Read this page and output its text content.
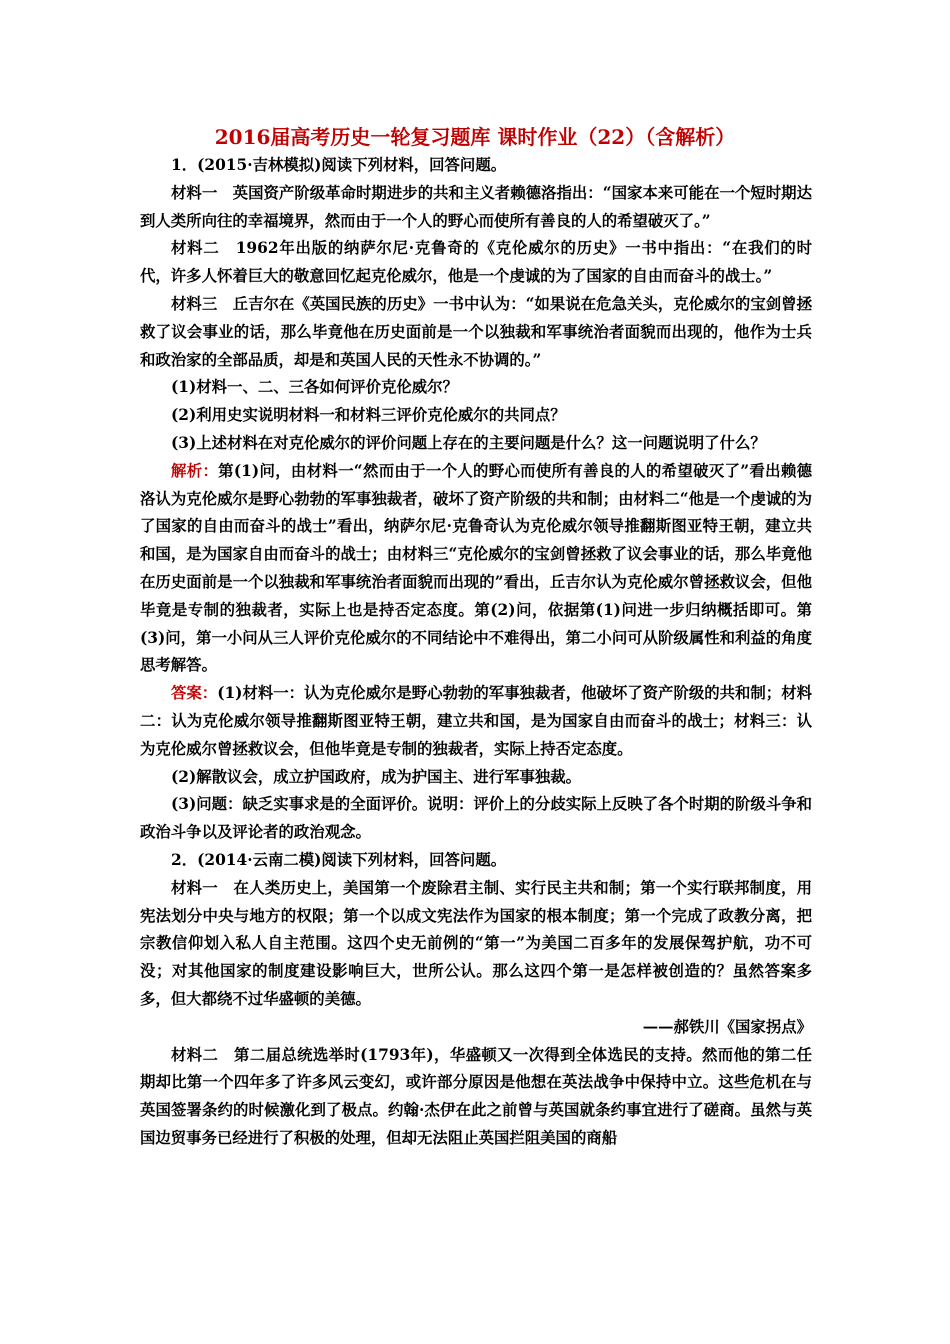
2016届高考历史一轮复习题库 课时作业（22）（含解析）

1．(2015·吉林模拟)阅读下列材料，回答问题。

材料一　英国资产阶级革命时期进步的共和主义者赖德洛指出：“国家本来可能在一个短时期达到人类所向往的幸福境界，然而由于一个人的野心而使所有善良的人的希望破灭了。”

材料二　1962年出版的纳萨尔尼·克鲁奇的《克伦威尔的历史》一书中指出：“在我们的时代，许多人怀着巨大的敬意回忆起克伦威尔，他是一个虔诚的为了国家的自由而奋斗的战士。”

材料三　丘吉尔在《英国民族的历史》一书中认为：“如果说在危急关头，克伦威尔的宝剑曾拯救了议会事业的话，那么毕竟他在历史面前是一个以独裁和军事统治者面貌而出现的，他作为士兵和政治家的全部品质，却是和英国人民的天性永不协调的。”

(1)材料一、二、三各如何评价克伦威尔？

(2)利用史实说明材料一和材料三评价克伦威尔的共同点？

(3)上述材料在对克伦威尔的评价问题上存在的主要问题是什么？这一问题说明了什么？

解析：第(1)问，由材料一“然而由于一个人的野心而使所有善良的人的希望破灭了”看出赖德洛认为克伦威尔是野心勃勃的军事独裁者，破坏了资产阶级的共和制；由材料二“他是一个虔诚的为了国家的自由而奋斗的战士”看出，纳萨尔尼·克鲁奇认为克伦威尔领导推翻斯图亚特王朝，建立共和国，是为国家自由而奋斗的战士；由材料三“克伦威尔的宝剑曾拯救了议会事业的话，那么毕竟他在历史面前是一个以独裁和军事统治者面貌而出现的”看出，丘吉尔认为克伦威尔曾拯救议会，但他毕竟是专制的独裁者，实际上也是持否定态度。第(2)问，依据第(1)问进一步归纳概括即可。第(3)问，第一小问从三人评价克伦威尔的不同结论中不难得出，第二小问可从阶级属性和利益的角度思考解答。

答案：(1)材料一：认为克伦威尔是野心勃勃的军事独裁者，他破坏了资产阶级的共和制；材料二：认为克伦威尔领导推翻斯图亚特王朝，建立共和国，是为国家自由而奋斗的战士；材料三：认为克伦威尔曾拯救议会，但他毕竟是专制的独裁者，实际上持否定态度。

(2)解散议会，成立护国政府，成为护国主、进行军事独裁。

(3)问题：缺乏实事求是的全面评价。说明：评价上的分歧实际上反映了各个时期的阶级斗争和政治斗争以及评论者的政治观念。

2．(2014·云南二模)阅读下列材料，回答问题。

材料一　在人类历史上，美国第一个废除君主制、实行民主共和制；第一个实行联邦制度，用宪法划分中央与地方的权限；第一个以成文宪法作为国家的根本制度；第一个完成了政教分离，把宗教信仰划入私人自主范围。这四个史无前例的“第一”为美国二百多年的发展保驾护航，功不可没；对其他国家的制度建设影响巨大，世所公认。那么这四个第一是怎样被创造的？虽然答案多多，但大都绕不过华盛顿的美德。

——郝铁川《国家拐点》

材料二　第二届总统选举时(1793年)，华盛顿又一次得到全体选民的支持。然而他的第二任期却比第一个四年多了许多风云变幻，或许部分原因是他想在英法战争中保持中立。这些危机在与英国签署条约的时候激化到了极点。约翰·杰伊在此之前曾与英国就条约事宜进行了磋商。虽然与英国边贸事务已经进行了积极的处理，但却无法阻止英国拦阻美国的商船
